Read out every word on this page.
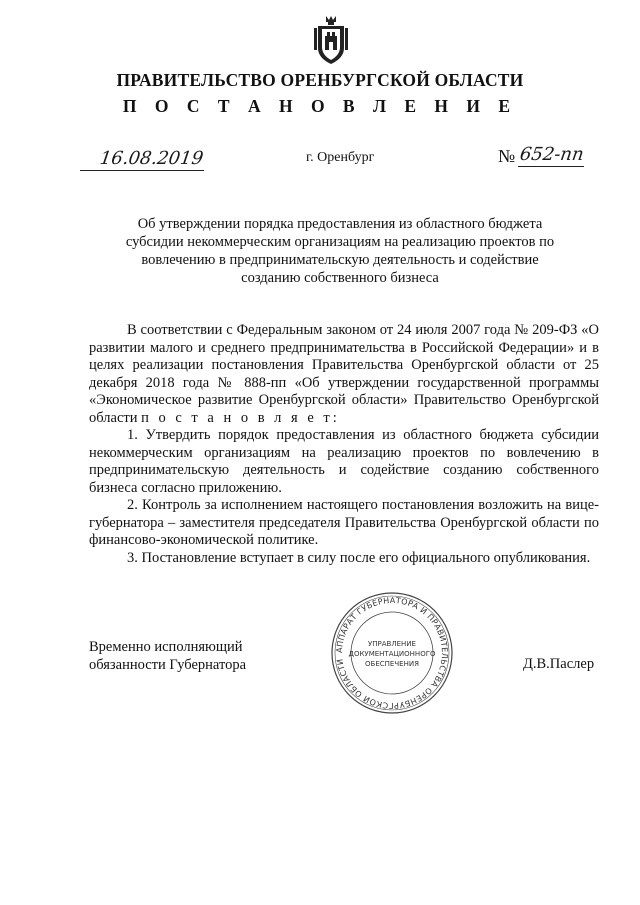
ПРАВИТЕЛЬСТВО ОРЕНБУРГСКОЙ ОБЛАСТИ
П О С Т А Н О В Л Е Н И Е
16.08.2019	г. Оренбург	№ 652-пп
Об утверждении порядка предоставления из областного бюджета субсидии некоммерческим организациям на реализацию проектов по вовлечению в предпринимательскую деятельность и содействие созданию собственного бизнеса

В соответствии с Федеральным законом от 24 июля 2007 года № 209-ФЗ «О развитии малого и среднего предпринимательства в Российской Федерации» и в целях реализации постановления Правительства Оренбургской области от 25 декабря 2018 года № 888-пп «Об утверждении государственной программы «Экономическое развитие Оренбургской области» Правительство Оренбургской области п о с т а н о в л я е т:

1. Утвердить порядок предоставления из областного бюджета субсидии некоммерческим организациям на реализацию проектов по вовлечению в предпринимательскую деятельность и содействие созданию собственного бизнеса согласно приложению.

2. Контроль за исполнением настоящего постановления возложить на вице-губернатора – заместителя председателя Правительства Оренбургской области по финансово-экономической политике.

3. Постановление вступает в силу после его официального опубликования.

Временно исполняющий
обязанности Губернатора	Д.В.Паслер
АППАРАТ ГУБЕРНАТОРА И ПРАВИТЕЛЬСТВА ОРЕНБУРГСКОЙ ОБЛАСТИ
УПРАВЛЕНИЕ
ДОКУМЕНТАЦИОННОГО
ОБЕСПЕЧЕНИЯ
